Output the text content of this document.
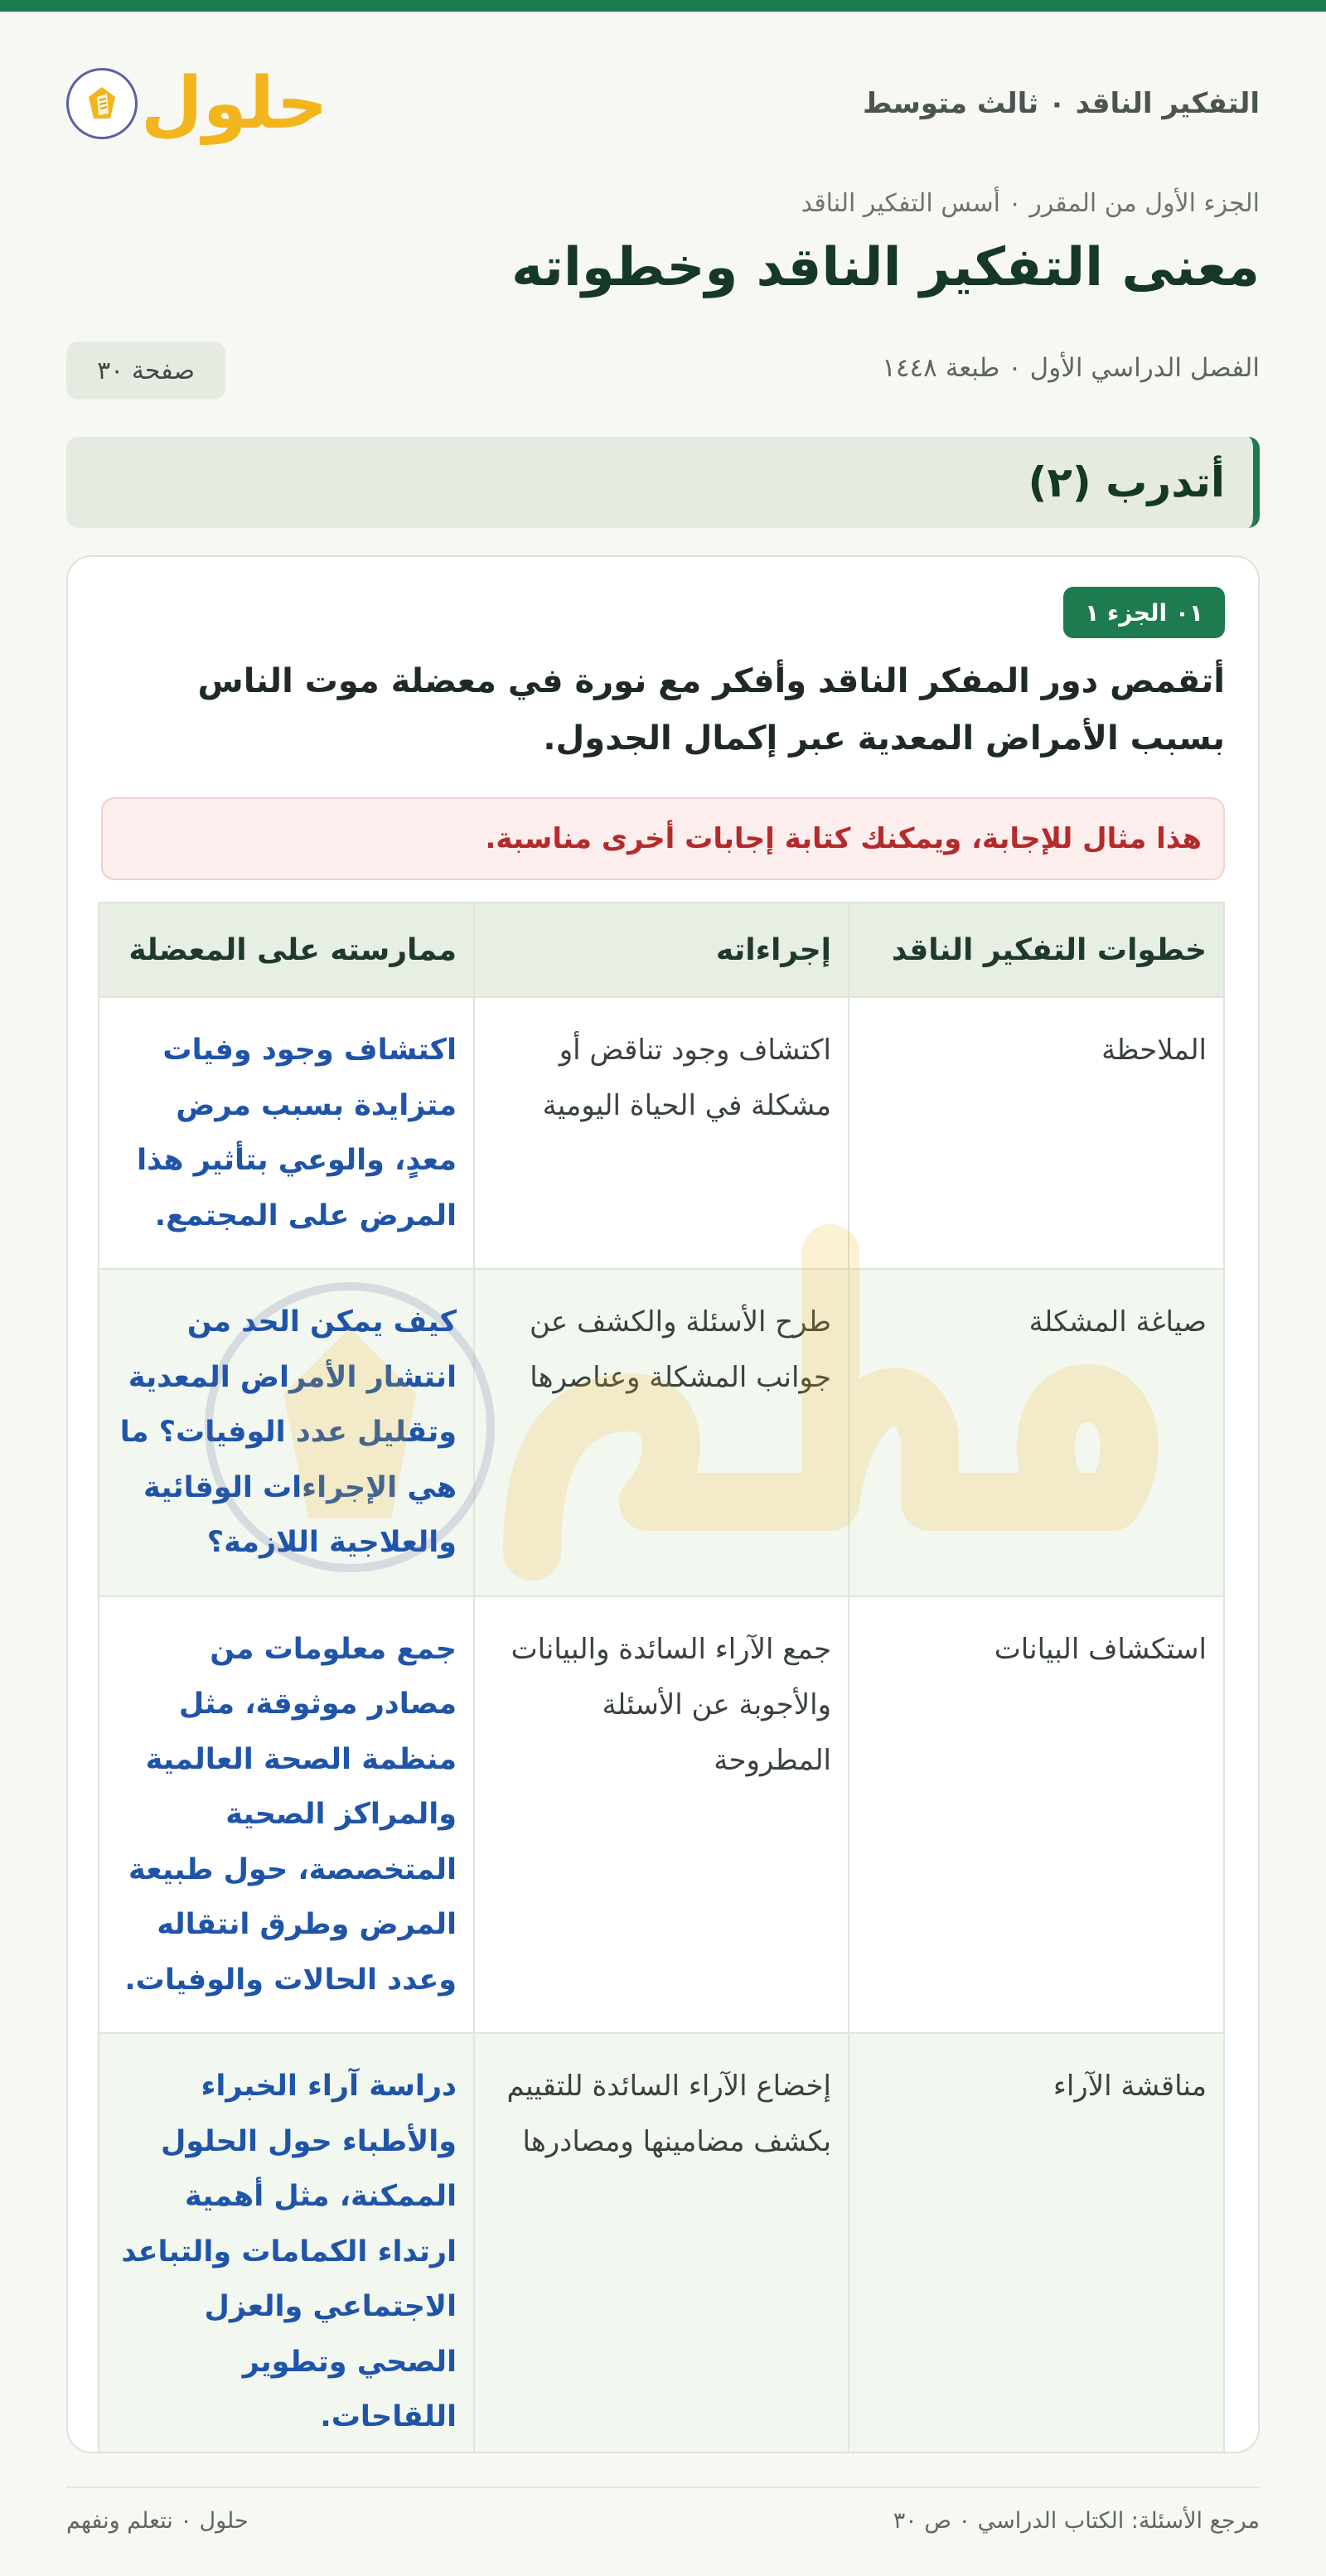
التفكير الناقد ٠ ثالث متوسط
حلول
الجزء الأول من المقرر ٠ أسس التفكير الناقد
معنى التفكير الناقد وخطواته
الفصل الدراسي الأول ٠ طبعة ١٤٤٨
صفحة ٣٠
أتدرب (٢)
٠١ الجزء ١

أتقمص دور المفكر الناقد وأفكر مع نورة في معضلة موت الناس بسبب الأمراض المعدية عبر إكمال الجدول.

هذا مثال للإجابة، ويمكنك كتابة إجابات أخرى مناسبة.
خطوات التفكير الناقد	إجراءاته	ممارسته على المعضلة
الملاحظة	اكتشاف وجود تناقض أو مشكلة في الحياة اليومية	اكتشاف وجود وفيات متزايدة بسبب مرض معدٍ، والوعي بتأثير هذا المرض على المجتمع.
صياغة المشكلة	طرح الأسئلة والكشف عن جوانب المشكلة وعناصرها	كيف يمكن الحد من انتشار الأمراض المعدية وتقليل عدد الوفيات؟ ما هي الإجراءات الوقائية والعلاجية اللازمة؟
استكشاف البيانات	جمع الآراء السائدة والبيانات والأجوبة عن الأسئلة المطروحة	جمع معلومات من مصادر موثوقة، مثل منظمة الصحة العالمية والمراكز الصحية المتخصصة، حول طبيعة المرض وطرق انتقاله وعدد الحالات والوفيات.
مناقشة الآراء	إخضاع الآراء السائدة للتقييم بكشف مضامينها ومصادرها	دراسة آراء الخبراء والأطباء حول الحلول الممكنة، مثل أهمية ارتداء الكمامات والتباعد الاجتماعي والعزل الصحي وتطوير اللقاحات.
مرجع الأسئلة: الكتاب الدراسي ٠ ص ٣٠
حلول ٠ نتعلم ونفهم
